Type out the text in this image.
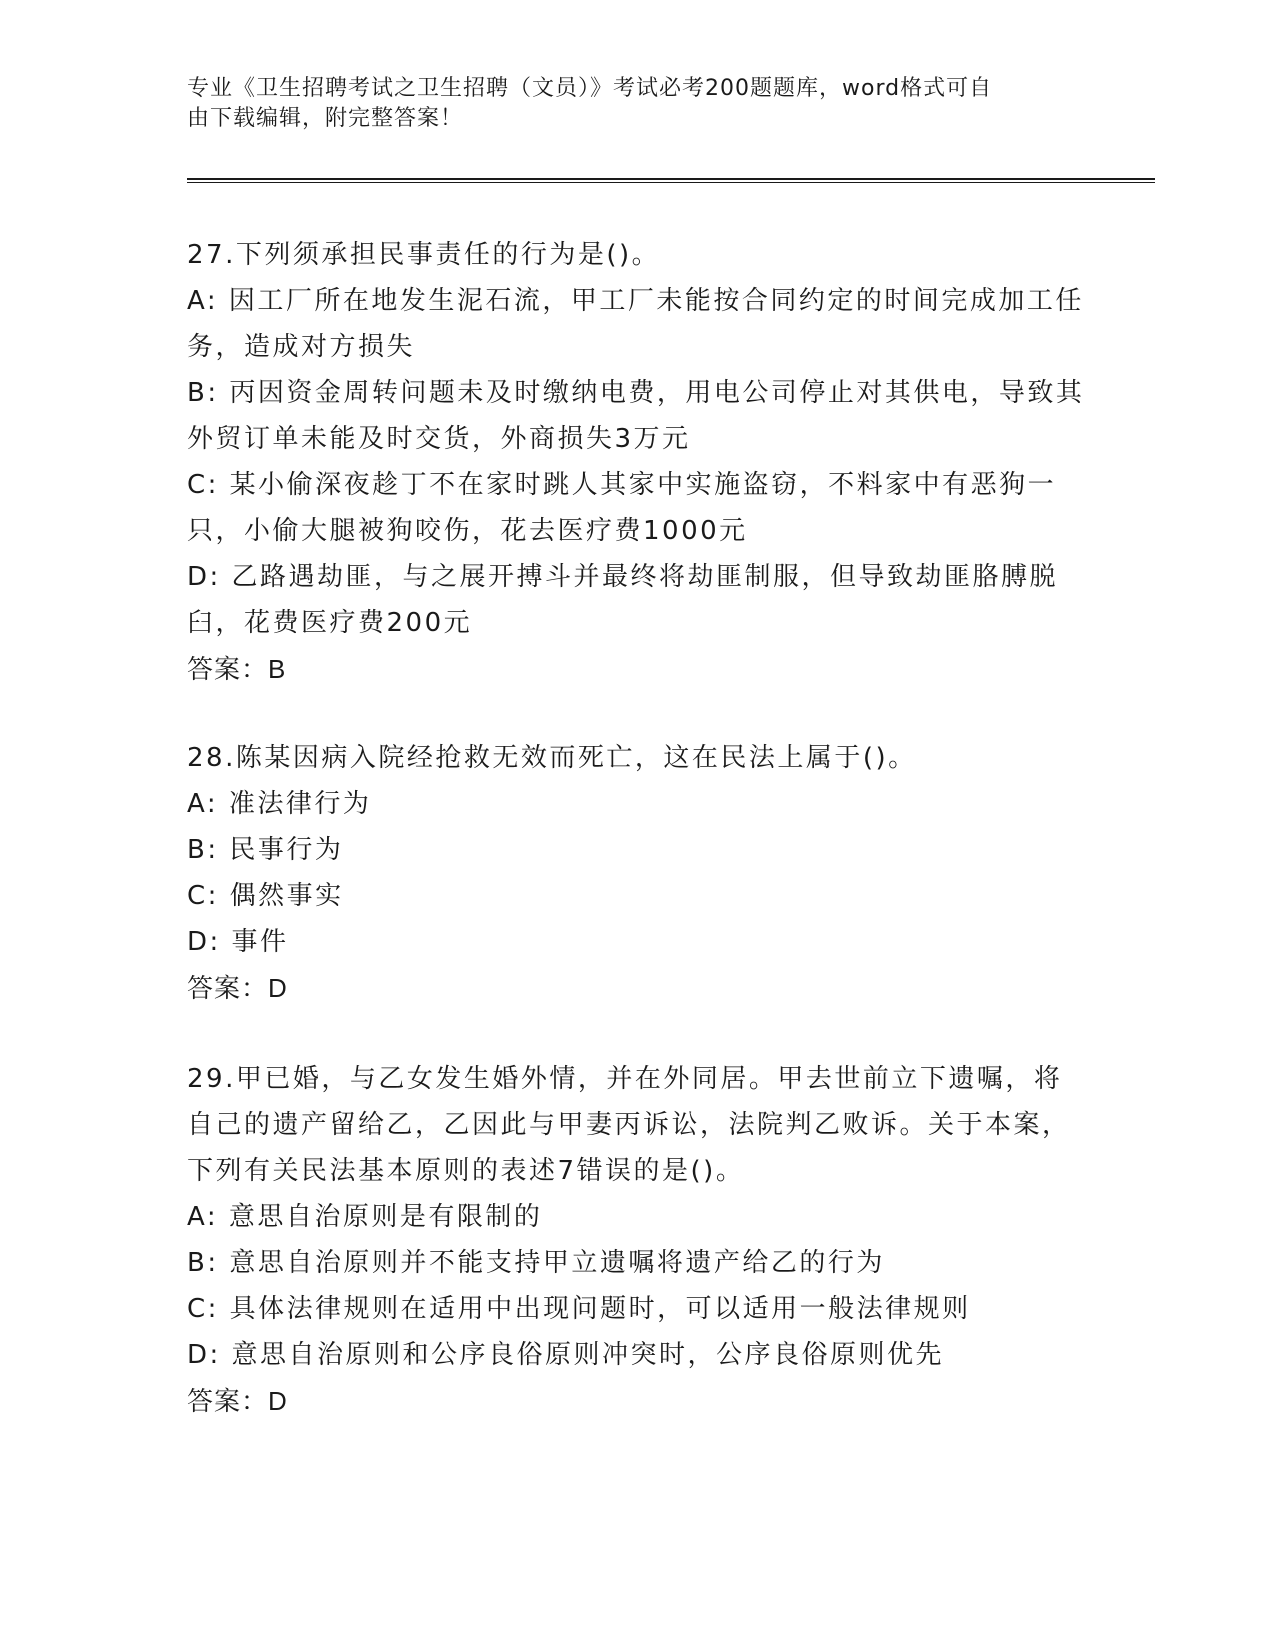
专业《卫生招聘考试之卫生招聘（文员）》考试必考200题题库，word格式可自
由下载编辑，附完整答案！

27.下列须承担民事责任的行为是()。

A: 因工厂所在地发生泥石流，甲工厂未能按合同约定的时间完成加工任务，造成对方损失

B: 丙因资金周转问题未及时缴纳电费，用电公司停止对其供电，导致其外贸订单未能及时交货，外商损失3万元

C: 某小偷深夜趁丁不在家时跳人其家中实施盗窃，不料家中有恶狗一只，小偷大腿被狗咬伤，花去医疗费1000元

D: 乙路遇劫匪，与之展开搏斗并最终将劫匪制服，但导致劫匪胳膊脱臼，花费医疗费200元

答案：B

28.陈某因病入院经抢救无效而死亡，这在民法上属于()。

A: 准法律行为

B: 民事行为

C: 偶然事实

D: 事件

答案：D

29.甲已婚，与乙女发生婚外情，并在外同居。甲去世前立下遗嘱，将自己的遗产留给乙，乙因此与甲妻丙诉讼，法院判乙败诉。关于本案，下列有关民法基本原则的表述7错误的是()。

A: 意思自治原则是有限制的

B: 意思自治原则并不能支持甲立遗嘱将遗产给乙的行为

C: 具体法律规则在适用中出现问题时，可以适用一般法律规则

D: 意思自治原则和公序良俗原则冲突时，公序良俗原则优先

答案：D
